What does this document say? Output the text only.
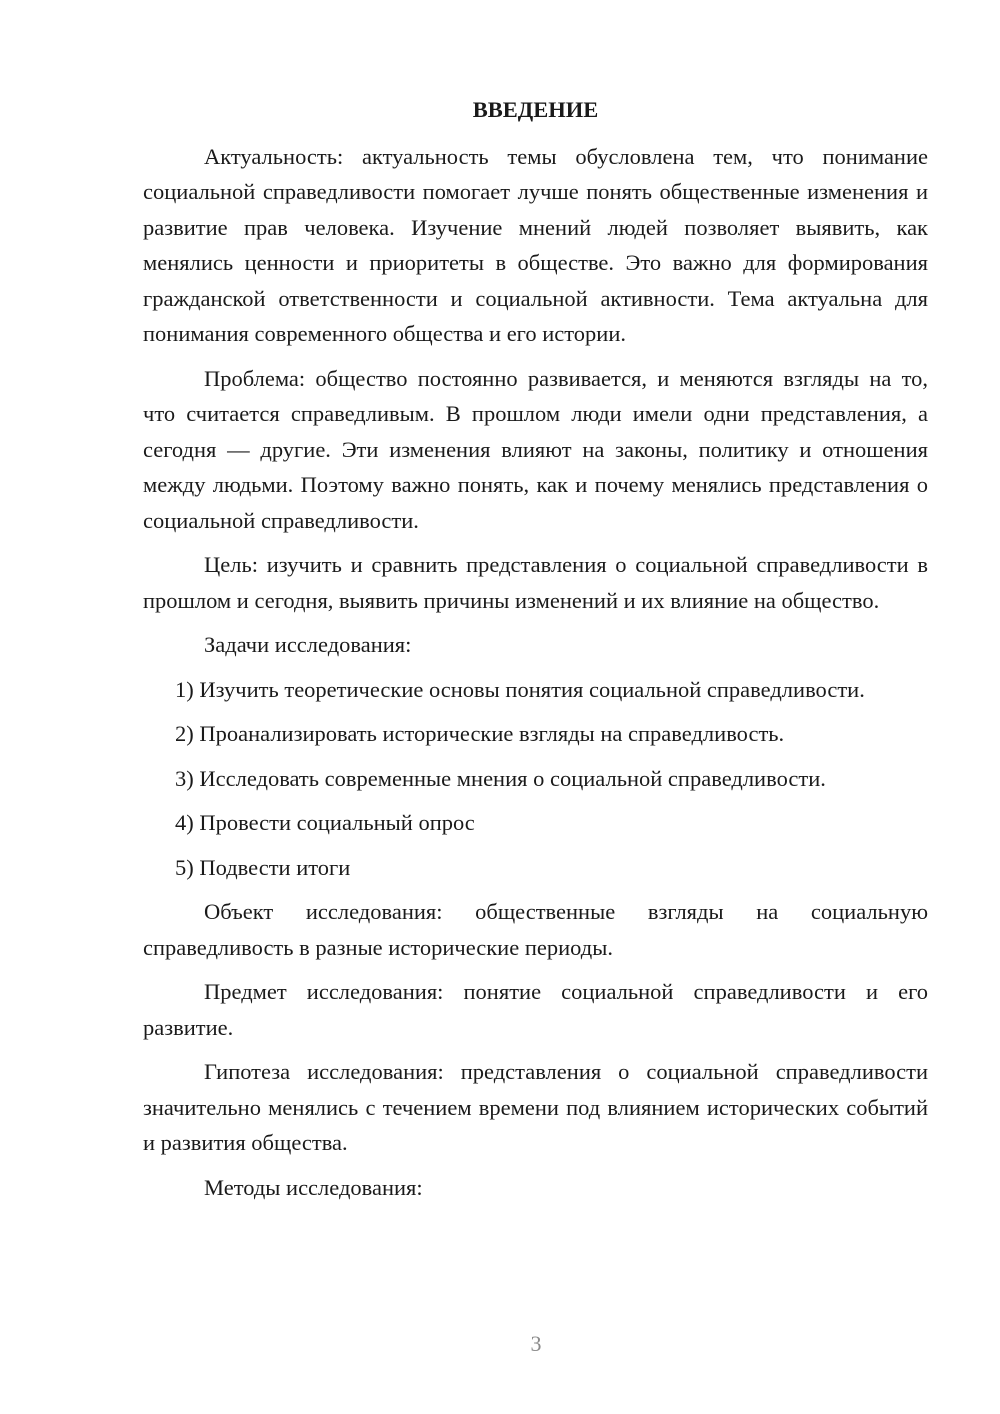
ВВЕДЕНИЕ
Актуальность: актуальность темы обусловлена тем, что понимание социальной справедливости помогает лучше понять общественные изменения и развитие прав человека. Изучение мнений людей позволяет выявить, как менялись ценности и приоритеты в обществе. Это важно для формирования гражданской ответственности и социальной активности. Тема актуальна для понимания современного общества и его истории.
Проблема: общество постоянно развивается, и меняются взгляды на то, что считается справедливым. В прошлом люди имели одни представления, а сегодня — другие. Эти изменения влияют на законы, политику и отношения между людьми. Поэтому важно понять, как и почему менялись представления о социальной справедливости.
Цель: изучить и сравнить представления о социальной справедливости в прошлом и сегодня, выявить причины изменений и их влияние на общество.
Задачи исследования:
1) Изучить теоретические основы понятия социальной справедливости.
2) Проанализировать исторические взгляды на справедливость.
3) Исследовать современные мнения о социальной справедливости.
4) Провести социальный опрос
5) Подвести итоги
Объект исследования: общественные взгляды на социальную справедливость в разные исторические периоды.
Предмет исследования: понятие социальной справедливости и его развитие.
Гипотеза исследования: представления о социальной справедливости значительно менялись с течением времени под влиянием исторических событий и развития общества.
Методы исследования:
3
